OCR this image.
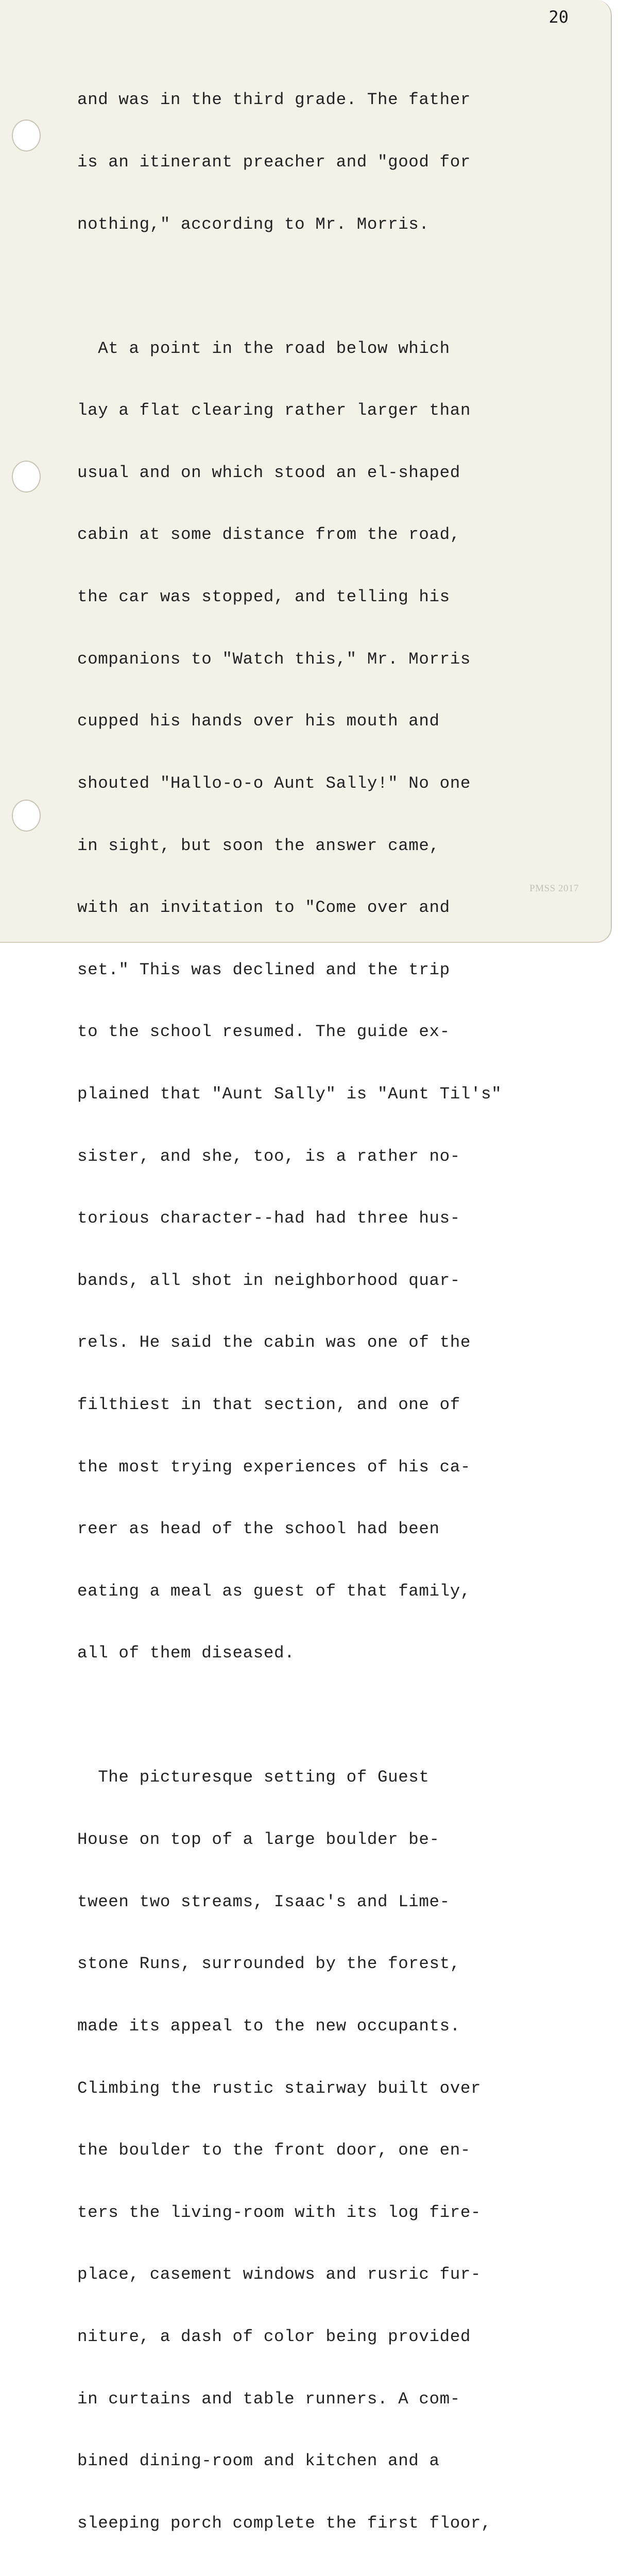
20

and was in the third grade. The father

is an itinerant preacher and "good for

nothing," according to Mr. Morris.

At a point in the road below which

lay a flat clearing rather larger than

usual and on which stood an el-shaped

cabin at some distance from the road,

the car was stopped, and telling his

companions to "Watch this," Mr. Morris

cupped his hands over his mouth and

shouted "Hallo-o-o Aunt Sally!" No one

in sight, but soon the answer came,

with an invitation to "Come over and

set." This was declined and the trip

to the school resumed. The guide ex-

plained that "Aunt Sally" is "Aunt Til's"

sister, and she, too, is a rather no-

torious character--had had three hus-

bands, all shot in neighborhood quar-

rels. He said the cabin was one of the

filthiest in that section, and one of

the most trying experiences of his ca-

reer as head of the school had been

eating a meal as guest of that family,

all of them diseased.

The picturesque setting of Guest

House on top of a large boulder be-

tween two streams, Isaac's and Lime-

stone Runs, surrounded by the forest,

made its appeal to the new occupants.

Climbing the rustic stairway built over

the boulder to the front door, one en-

ters the living-room with its log fire-

place, casement windows and rusric fur-

niture, a dash of color being provided

in curtains and table runners. A com-

bined dining-room and kitchen and a

sleeping porch complete the first floor,

PMSS 2017
